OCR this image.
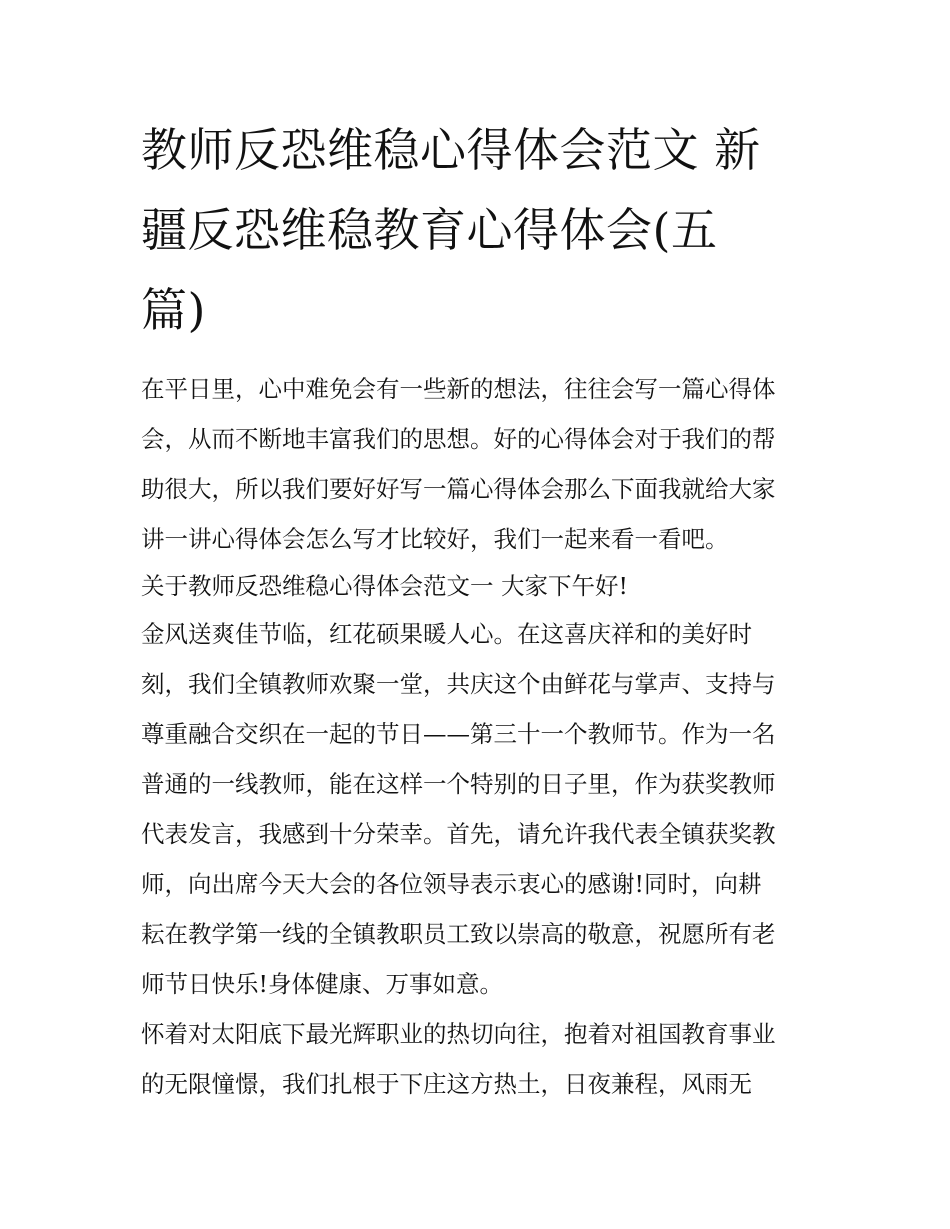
教师反恐维稳心得体会范文 新
疆反恐维稳教育心得体会(五
篇)

在平日里，心中难免会有一些新的想法，往往会写一篇心得体
会，从而不断地丰富我们的思想。好的心得体会对于我们的帮
助很大，所以我们要好好写一篇心得体会那么下面我就给大家
讲一讲心得体会怎么写才比较好，我们一起来看一看吧。

关于教师反恐维稳心得体会范文一 大家下午好!

金风送爽佳节临，红花硕果暖人心。在这喜庆祥和的美好时
刻，我们全镇教师欢聚一堂，共庆这个由鲜花与掌声、支持与
尊重融合交织在一起的节日——第三十一个教师节。作为一名
普通的一线教师，能在这样一个特别的日子里，作为获奖教师
代表发言，我感到十分荣幸。首先，请允许我代表全镇获奖教
师，向出席今天大会的各位领导表示衷心的感谢!同时，向耕
耘在教学第一线的全镇教职员工致以崇高的敬意，祝愿所有老
师节日快乐!身体健康、万事如意。

怀着对太阳底下最光辉职业的热切向往，抱着对祖国教育事业
的无限憧憬，我们扎根于下庄这方热土，日夜兼程，风雨无
